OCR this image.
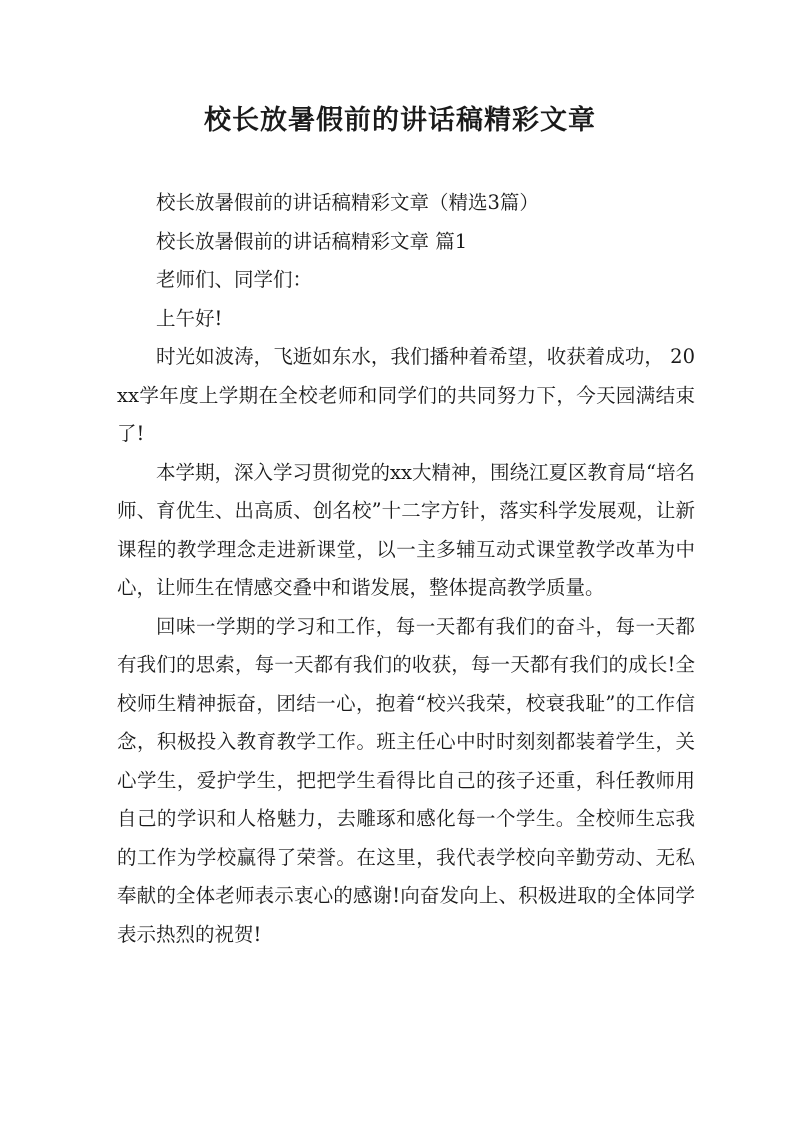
校长放暑假前的讲话稿精彩文章

校长放暑假前的讲话稿精彩文章（精选3篇）

校长放暑假前的讲话稿精彩文章 篇1

老师们、同学们：

上午好!

时光如波涛，飞逝如东水，我们播种着希望，收获着成功， 20xx学年度上学期在全校老师和同学们的共同努力下，今天园满结束了!

本学期，深入学习贯彻党的xx大精神，围绕江夏区教育局“培名师、育优生、出高质、创名校”十二字方针，落实科学发展观，让新课程的教学理念走进新课堂，以一主多辅互动式课堂教学改革为中心，让师生在情感交叠中和谐发展，整体提高教学质量。

回味一学期的学习和工作，每一天都有我们的奋斗，每一天都有我们的思索，每一天都有我们的收获，每一天都有我们的成长!全校师生精神振奋，团结一心，抱着“校兴我荣，校衰我耻”的工作信念，积极投入教育教学工作。班主任心中时时刻刻都装着学生，关心学生，爱护学生，把把学生看得比自己的孩子还重，科任教师用自己的学识和人格魅力，去雕琢和感化每一个学生。全校师生忘我的工作为学校赢得了荣誉。在这里，我代表学校向辛勤劳动、无私奉献的全体老师表示衷心的感谢!向奋发向上、积极进取的全体同学表示热烈的祝贺!
